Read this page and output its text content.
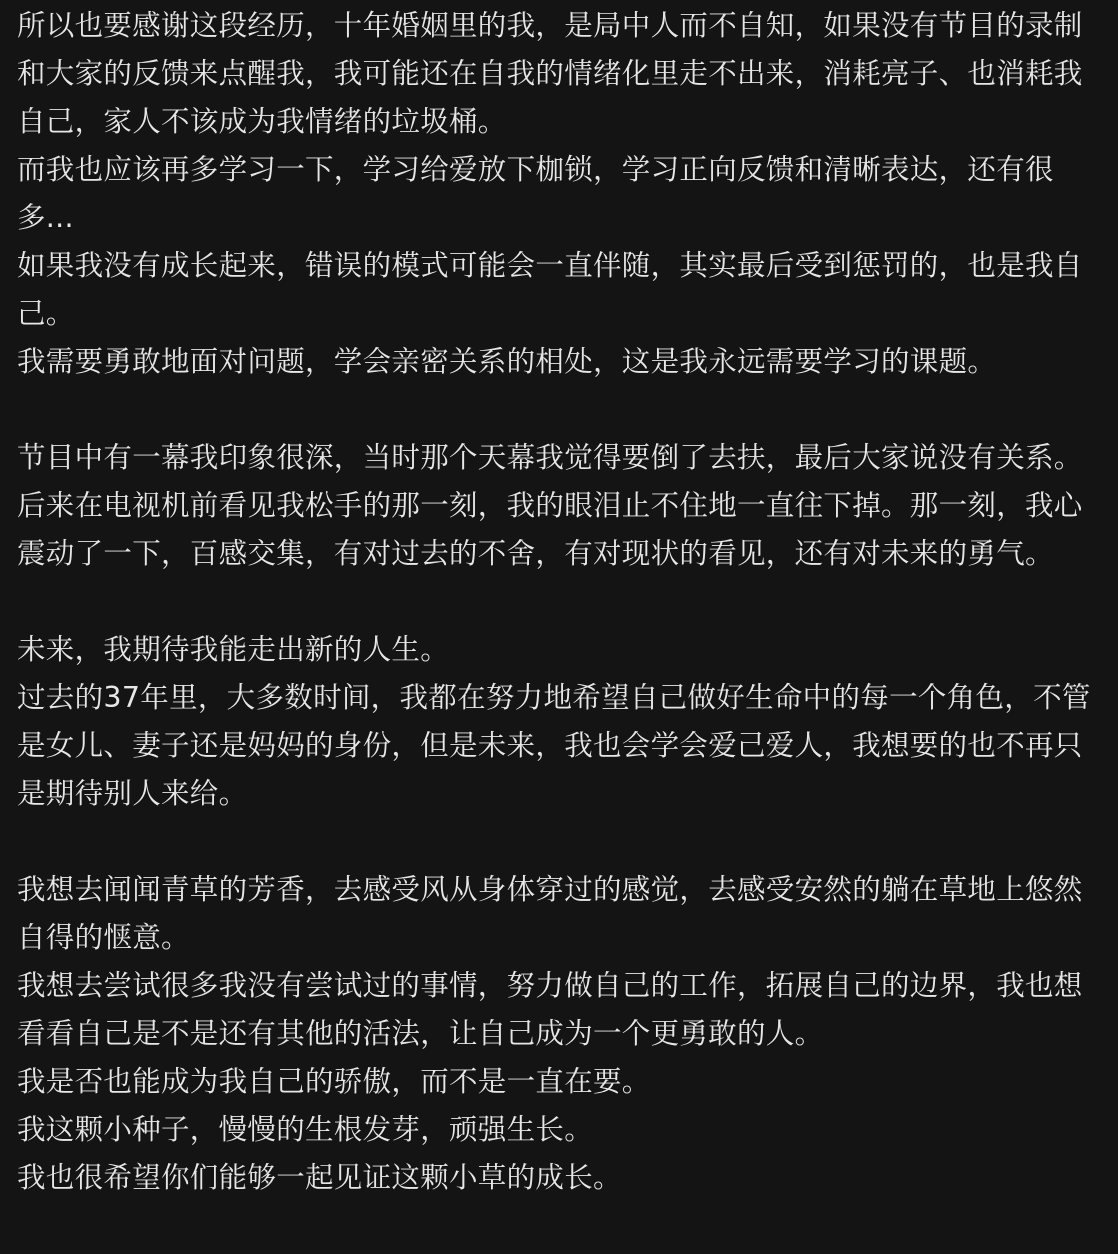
所以也要感谢这段经历，十年婚姻里的我，是局中人而不自知，如果没有节目的录制和大家的反馈来点醒我，我可能还在自我的情绪化里走不出来，消耗亮子、也消耗我自己，家人不该成为我情绪的垃圾桶。

而我也应该再多学习一下，学习给爱放下枷锁，学习正向反馈和清晰表达，还有很多...

如果我没有成长起来，错误的模式可能会一直伴随，其实最后受到惩罚的，也是我自己。

我需要勇敢地面对问题，学会亲密关系的相处，这是我永远需要学习的课题。

节目中有一幕我印象很深，当时那个天幕我觉得要倒了去扶，最后大家说没有关系。后来在电视机前看见我松手的那一刻，我的眼泪止不住地一直往下掉。那一刻，我心震动了一下，百感交集，有对过去的不舍，有对现状的看见，还有对未来的勇气。

未来，我期待我能走出新的人生。

过去的37年里，大多数时间，我都在努力地希望自己做好生命中的每一个角色，不管是女儿、妻子还是妈妈的身份，但是未来，我也会学会爱己爱人，我想要的也不再只是期待别人来给。

我想去闻闻青草的芳香，去感受风从身体穿过的感觉，去感受安然的躺在草地上悠然自得的惬意。

我想去尝试很多我没有尝试过的事情，努力做自己的工作，拓展自己的边界，我也想看看自己是不是还有其他的活法，让自己成为一个更勇敢的人。

我是否也能成为我自己的骄傲，而不是一直在要。

我这颗小种子，慢慢的生根发芽，顽强生长。

我也很希望你们能够一起见证这颗小草的成长。
